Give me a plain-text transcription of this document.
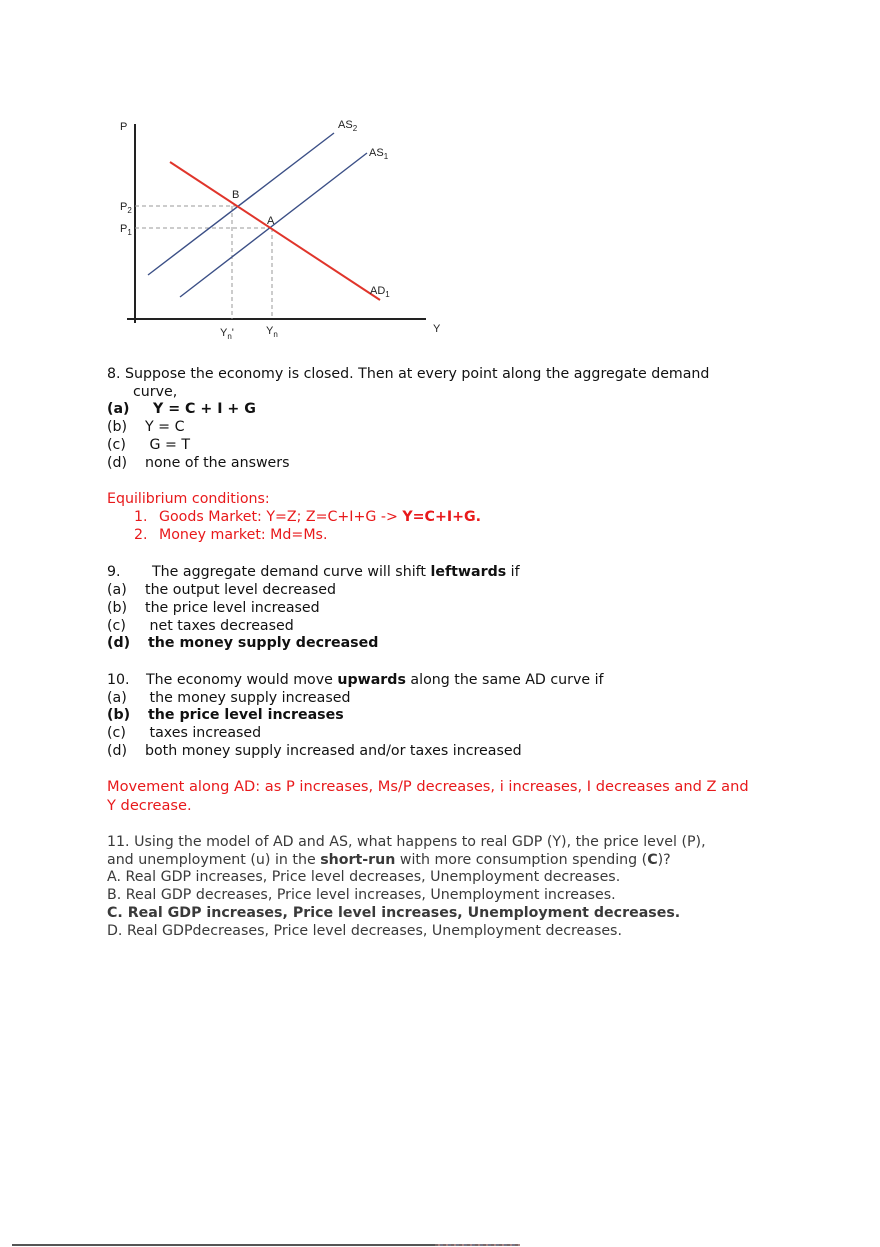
P
Y
$AS_2$
$AS_1$
$AD_1$
B
A
$P_2$
$P_1$
$Y_n'$	$Y_n$
8. Suppose the economy is closed. Then at every point along the aggregate demand
curve,
(a) Y = C + I + G
(b) Y = C
(c) G = T
(d) none of the answers
Equilibrium conditions:
1. Goods Market: Y=Z; Z=C+I+G -> Y=C+I+G.
2. Money market: Md=Ms.
9. The aggregate demand curve will shift leftwards if
(a) the output level decreased
(b) the price level increased
(c) net taxes decreased
(d) the money supply decreased
10. The economy would move upwards along the same AD curve if
(a) the money supply increased
(b) the price level increases
(c) taxes increased
(d) both money supply increased and/or taxes increased
Movement along AD: as P increases, Ms/P decreases, i increases, I decreases and Z and
Y decrease.
11. Using the model of AD and AS, what happens to real GDP (Y), the price level (P),
and unemployment (u) in the short-run with more consumption spending (C)?
A. Real GDP increases, Price level decreases, Unemployment decreases.
B. Real GDP decreases, Price level increases, Unemployment increases.
C. Real GDP increases, Price level increases, Unemployment decreases.
D. Real GDPdecreases, Price level decreases, Unemployment decreases.
